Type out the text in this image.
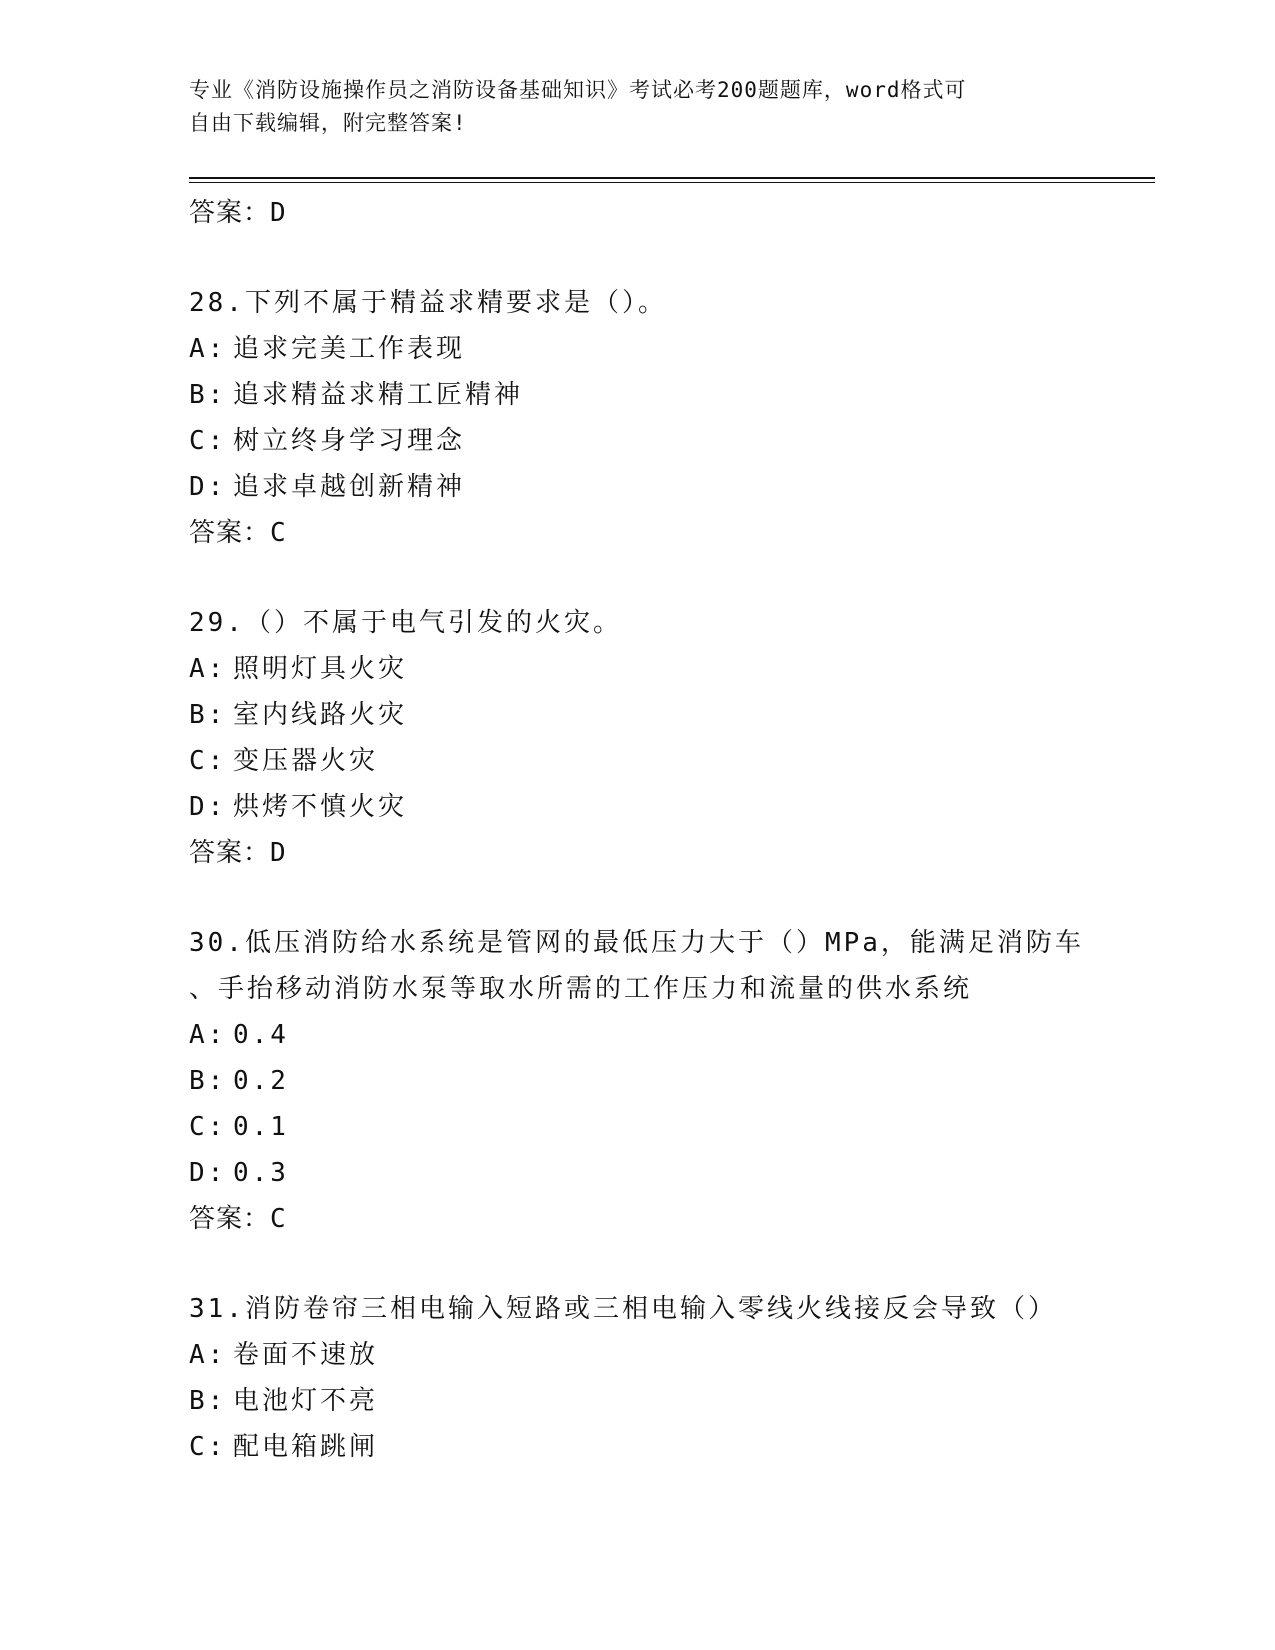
专业《消防设施操作员之消防设备基础知识》考试必考200题题库，word格式可
自由下载编辑，附完整答案!
答案：D
28.下列不属于精益求精要求是（）。
A: 追求完美工作表现
B: 追求精益求精工匠精神
C: 树立终身学习理念
D: 追求卓越创新精神
答案：C
29.（）不属于电气引发的火灾。
A: 照明灯具火灾
B: 室内线路火灾
C: 变压器火灾
D: 烘烤不慎火灾
答案：D
30.低压消防给水系统是管网的最低压力大于（）MPa，能满足消防车
、手抬移动消防水泵等取水所需的工作压力和流量的供水系统
A: 0.4
B: 0.2
C: 0.1
D: 0.3
答案：C
31.消防卷帘三相电输入短路或三相电输入零线火线接反会导致（）
A: 卷面不速放
B: 电池灯不亮
C: 配电箱跳闸
